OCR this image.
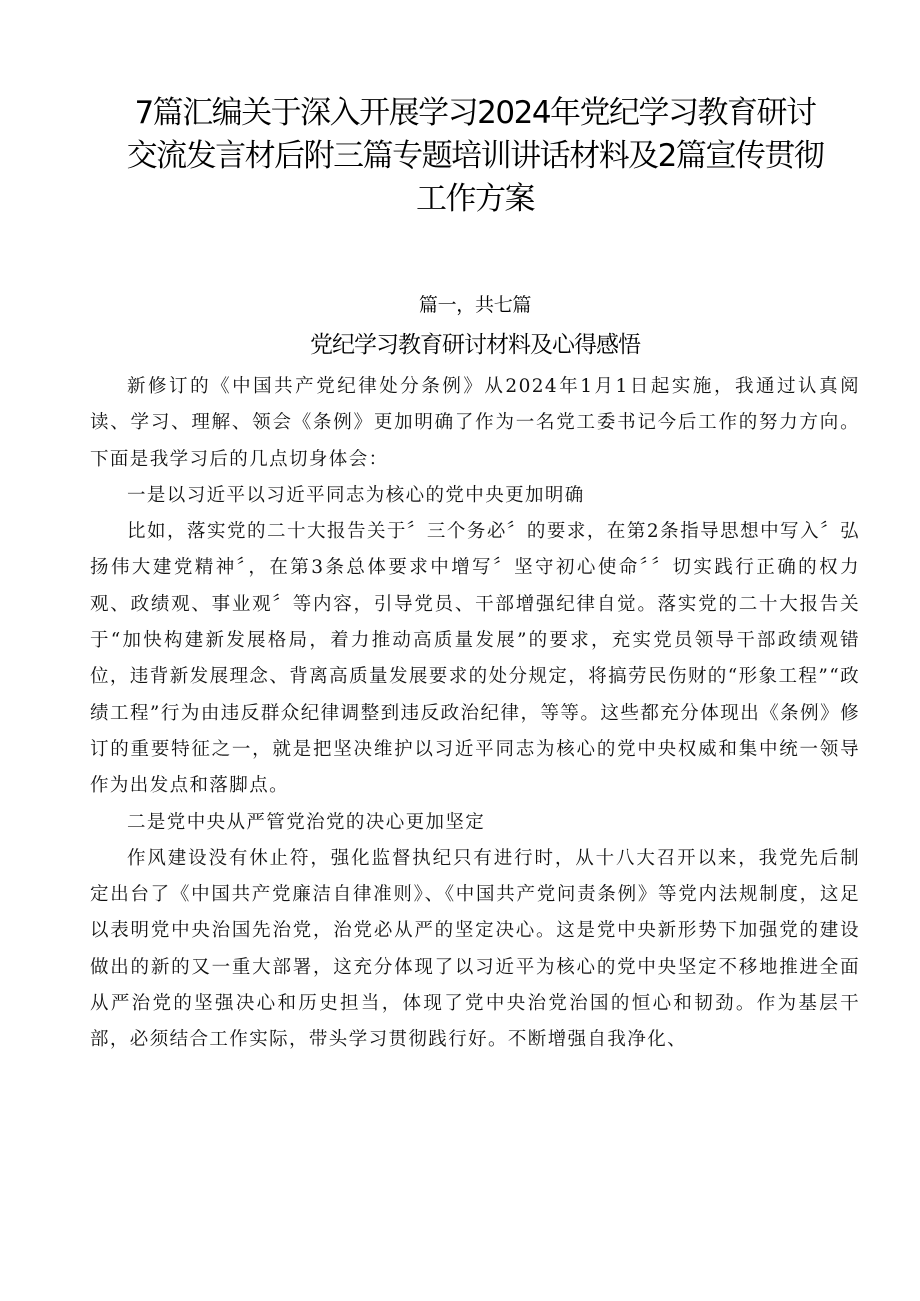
7篇汇编关于深入开展学习2024年党纪学习教育研讨
交流发言材后附三篇专题培训讲话材料及2篇宣传贯彻
工作方案
篇一，共七篇
党纪学习教育研讨材料及心得感悟

新修订的《中国共产党纪律处分条例》从2024年1月1日起实施，我通过认真阅读、学习、理解、领会《条例》更加明确了作为一名党工委书记今后工作的努力方向。下面是我学习后的几点切身体会：

一是以习近平以习近平同志为核心的党中央更加明确

比如，落实党的二十大报告关于〞三个务必〞的要求，在第2条指导思想中写入〞弘扬伟大建党精神〞，在第3条总体要求中增写〞坚守初心使命〞〞切实践行正确的权力观、政绩观、事业观〞等内容，引导党员、干部增强纪律自觉。落实党的二十大报告关于“加快构建新发展格局，着力推动高质量发展”的要求，充实党员领导干部政绩观错位，违背新发展理念、背离高质量发展要求的处分规定，将搞劳民伤财的“形象工程”“政绩工程”行为由违反群众纪律调整到违反政治纪律，等等。这些都充分体现出《条例》修订的重要特征之一，就是把坚决维护以习近平同志为核心的党中央权威和集中统一领导作为出发点和落脚点。

二是党中央从严管党治党的决心更加坚定

作风建设没有休止符，强化监督执纪只有进行时，从十八大召开以来，我党先后制定出台了《中国共产党廉洁自律准则》、《中国共产党问责条例》等党内法规制度，这足以表明党中央治国先治党，治党必从严的坚定决心。这是党中央新形势下加强党的建设做出的新的又一重大部署，这充分体现了以习近平为核心的党中央坚定不移地推进全面从严治党的坚强决心和历史担当，体现了党中央治党治国的恒心和韧劲。作为基层干部，必须结合工作实际，带头学习贯彻践行好。不断增强自我净化、
